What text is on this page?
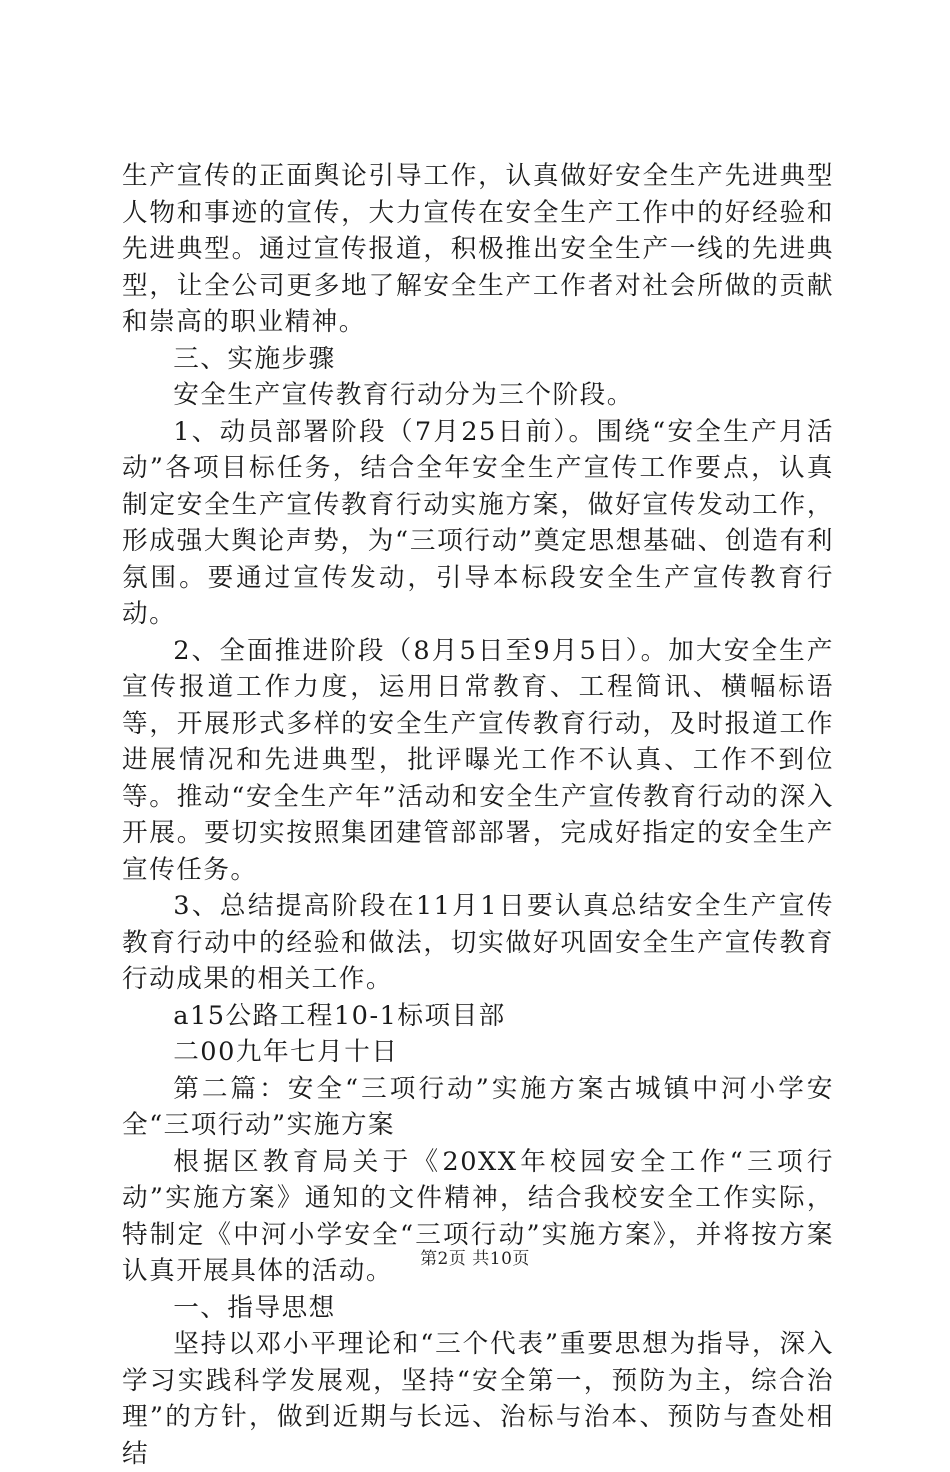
生产宣传的正面舆论引导工作，认真做好安全生产先进典型人物和事迹的宣传，大力宣传在安全生产工作中的好经验和先进典型。通过宣传报道，积极推出安全生产一线的先进典型，让全公司更多地了解安全生产工作者对社会所做的贡献和崇高的职业精神。

三、实施步骤

安全生产宣传教育行动分为三个阶段。

1、动员部署阶段（7月25日前）。围绕“安全生产月活动”各项目标任务，结合全年安全生产宣传工作要点，认真制定安全生产宣传教育行动实施方案，做好宣传发动工作，形成强大舆论声势，为“三项行动”奠定思想基础、创造有利氛围。要通过宣传发动，引导本标段安全生产宣传教育行动。

2、全面推进阶段（8月5日至9月5日）。加大安全生产宣传报道工作力度，运用日常教育、工程简讯、横幅标语等，开展形式多样的安全生产宣传教育行动，及时报道工作进展情况和先进典型，批评曝光工作不认真、工作不到位等。推动“安全生产年”活动和安全生产宣传教育行动的深入开展。要切实按照集团建管部部署，完成好指定的安全生产宣传任务。

3、总结提高阶段在11月1日要认真总结安全生产宣传教育行动中的经验和做法，切实做好巩固安全生产宣传教育行动成果的相关工作。

a15公路工程10-1标项目部

二00九年七月十日

第二篇：安全“三项行动”实施方案古城镇中河小学安全“三项行动”实施方案

根据区教育局关于《20XX年校园安全工作“三项行动”实施方案》通知的文件精神，结合我校安全工作实际，特制定《中河小学安全“三项行动”实施方案》，并将按方案认真开展具体的活动。

一、指导思想

坚持以邓小平理论和“三个代表”重要思想为指导，深入学习实践科学发展观，坚持“安全第一，预防为主，综合治理”的方针，做到近期与长远、治标与治本、预防与查处相结

第2页 共10页
